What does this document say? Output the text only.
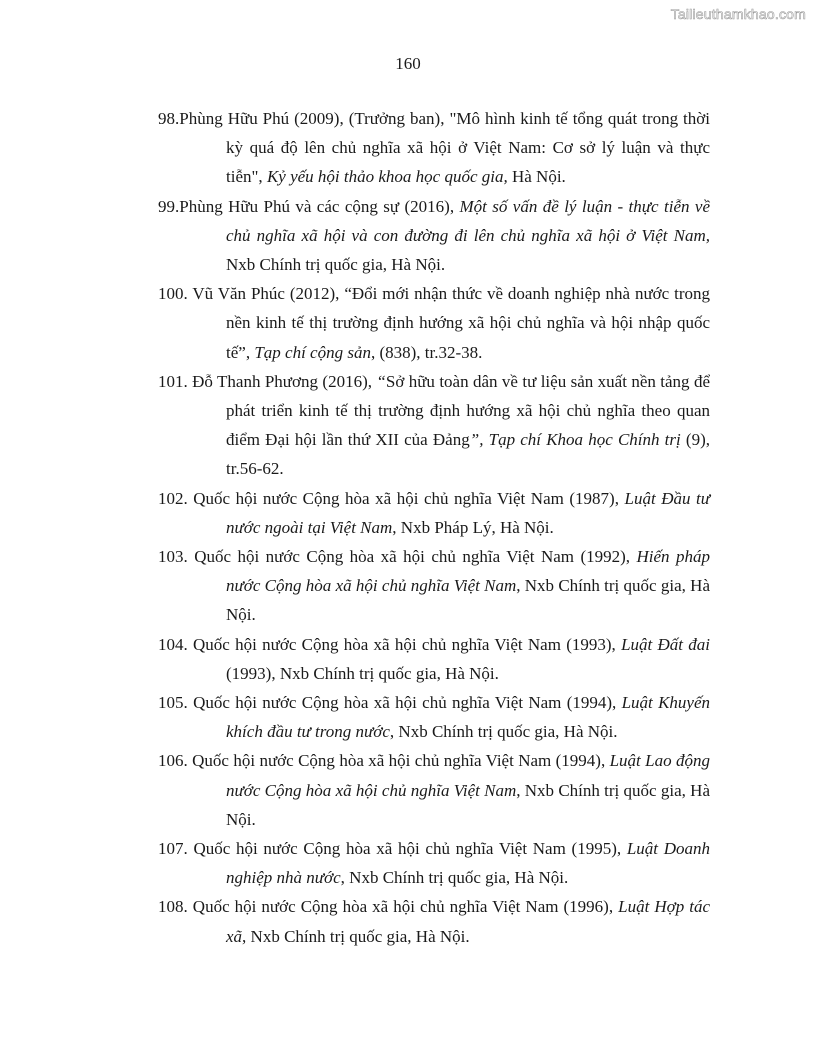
Tailieuthamkhao.com
160
98.Phùng Hữu Phú (2009), (Trưởng ban), "Mô hình kinh tế tổng quát trong thời kỳ quá độ lên chủ nghĩa xã hội ở Việt Nam: Cơ sở lý luận và thực tiễn", Kỷ yếu hội thảo khoa học quốc gia, Hà Nội.
99.Phùng Hữu Phú và các cộng sự (2016), Một số vấn đề lý luận - thực tiễn về chủ nghĩa xã hội và con đường đi lên chủ nghĩa xã hội ở Việt Nam, Nxb Chính trị quốc gia, Hà Nội.
100. Vũ Văn Phúc (2012), “Đổi mới nhận thức về doanh nghiệp nhà nước trong nền kinh tế thị trường định hướng xã hội chủ nghĩa và hội nhập quốc tế”, Tạp chí cộng sản, (838), tr.32-38.
101. Đỗ Thanh Phương (2016), “Sở hữu toàn dân về tư liệu sản xuất nền tảng để phát triển kinh tế thị trường định hướng xã hội chủ nghĩa theo quan điểm Đại hội lần thứ XII của Đảng”, Tạp chí Khoa học Chính trị (9), tr.56-62.
102. Quốc hội nước Cộng hòa xã hội chủ nghĩa Việt Nam (1987), Luật Đầu tư nước ngoài tại Việt Nam, Nxb Pháp Lý, Hà Nội.
103. Quốc hội nước Cộng hòa xã hội chủ nghĩa Việt Nam (1992), Hiến pháp nước Cộng hòa xã hội chủ nghĩa Việt Nam, Nxb Chính trị quốc gia, Hà Nội.
104. Quốc hội nước Cộng hòa xã hội chủ nghĩa Việt Nam (1993), Luật Đất đai (1993), Nxb Chính trị quốc gia, Hà Nội.
105. Quốc hội nước Cộng hòa xã hội chủ nghĩa Việt Nam (1994), Luật Khuyến khích đầu tư trong nước, Nxb Chính trị quốc gia, Hà Nội.
106. Quốc hội nước Cộng hòa xã hội chủ nghĩa Việt Nam (1994), Luật Lao động nước Cộng hòa xã hội chủ nghĩa Việt Nam, Nxb Chính trị quốc gia, Hà Nội.
107. Quốc hội nước Cộng hòa xã hội chủ nghĩa Việt Nam (1995), Luật Doanh nghiệp nhà nước, Nxb Chính trị quốc gia, Hà Nội.
108. Quốc hội nước Cộng hòa xã hội chủ nghĩa Việt Nam (1996), Luật Hợp tác xã, Nxb Chính trị quốc gia, Hà Nội.
